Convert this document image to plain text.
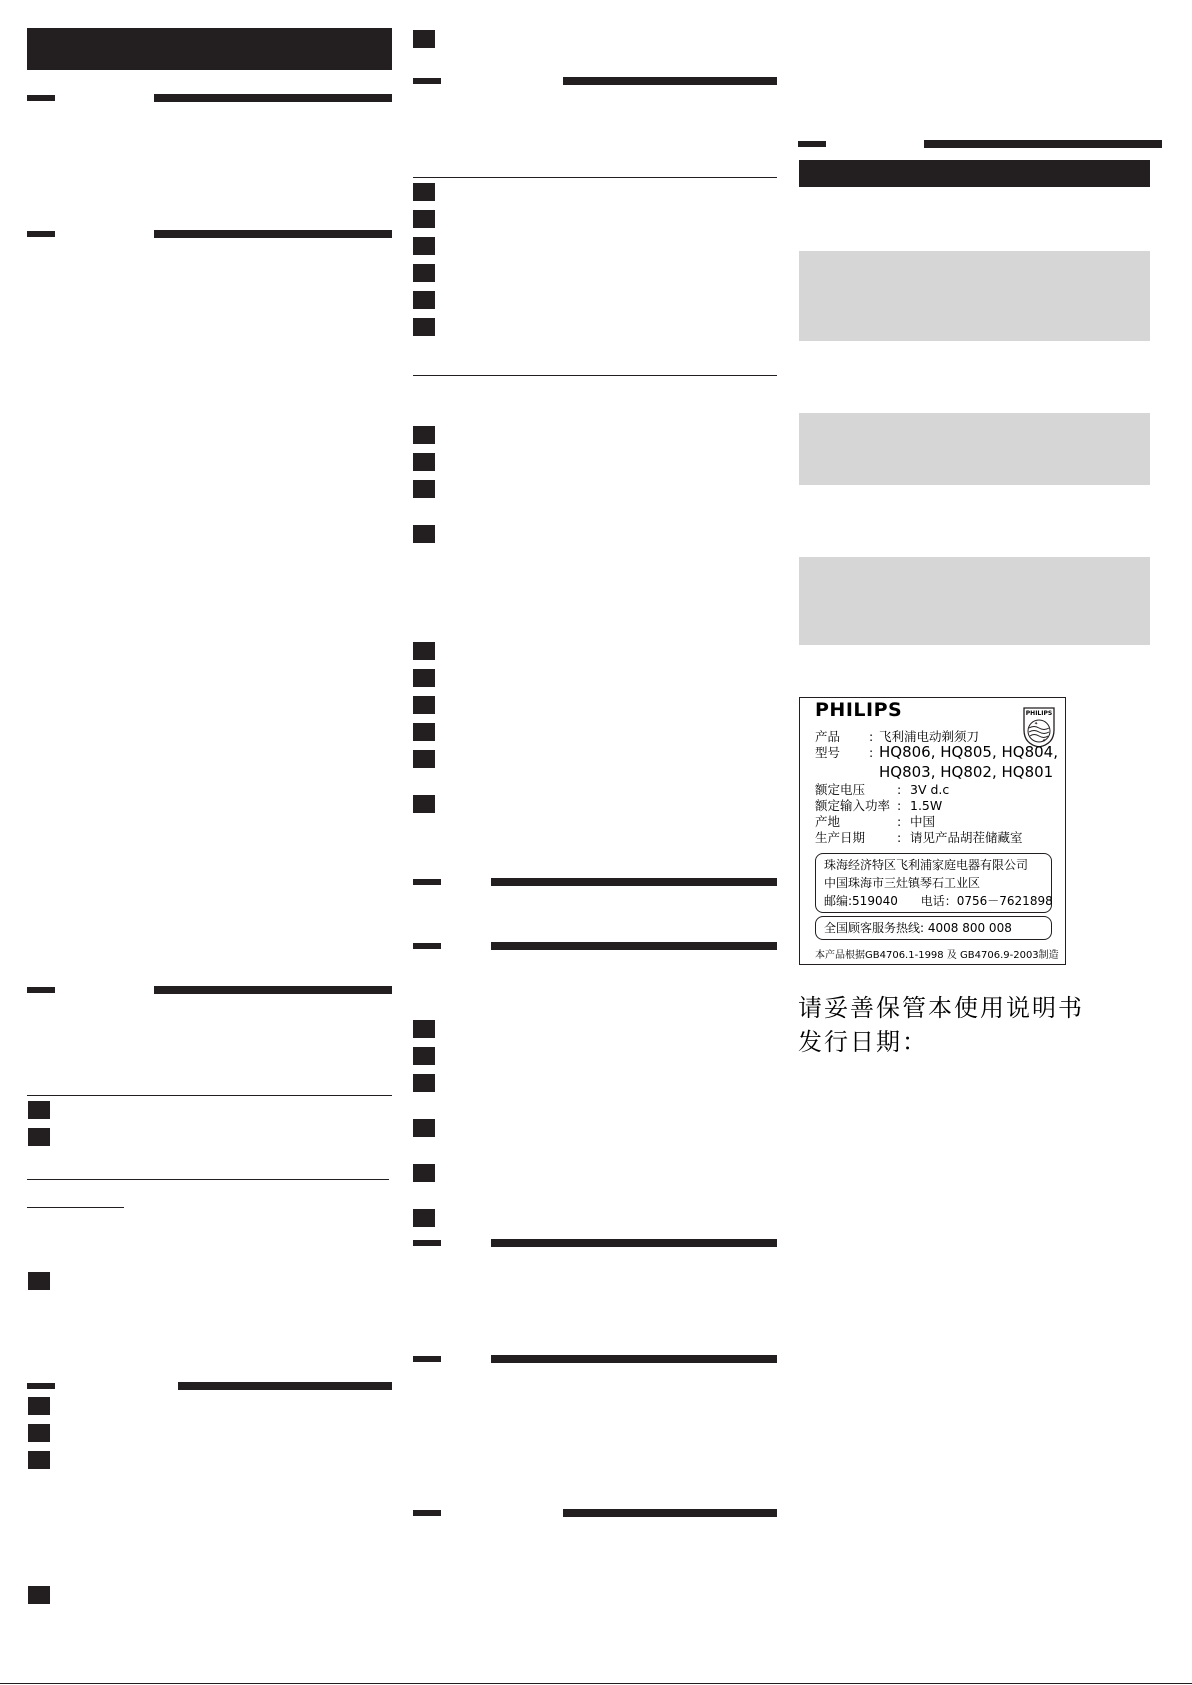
PHILIPS	PHILIPS
✦
✦
产品 : 飞利浦电动剃须刀
型号 : HQ806, HQ805, HQ804,
HQ803, HQ802, HQ801
额定电压	: 3V d.c
额定输入功率 : 1.5W
产地	: 中国
生产日期	: 请见产品胡茬储藏室
珠海经济特区飞利浦家庭电器有限公司
中国珠海市三灶镇琴石工业区
邮编:519040      电话：0756－7621898
全国顾客服务热线: 4008 800 008
本产品根据GB4706.1-1998 及 GB4706.9-2003制造
请妥善保管本使用说明书
发行日期：
